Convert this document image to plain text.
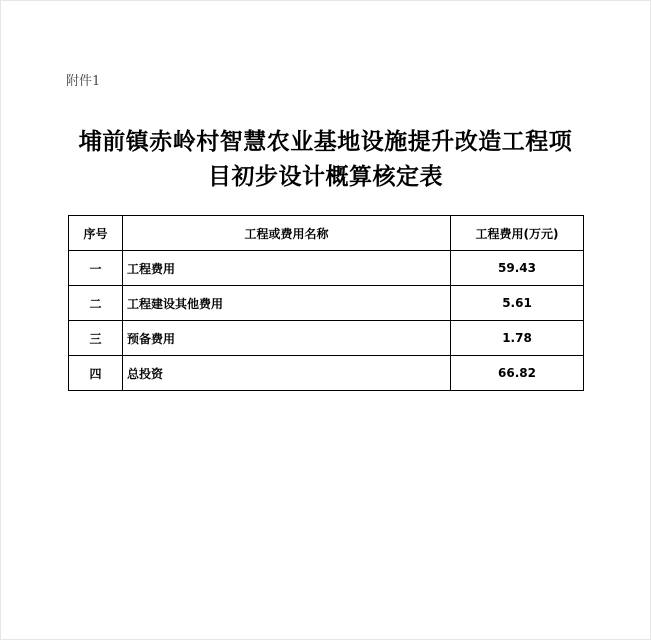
附件1
埔前镇赤岭村智慧农业基地设施提升改造工程项
目初步设计概算核定表
序号	工程或费用名称	工程费用(万元)
一	工程费用	59.43
二	工程建设其他费用	5.61
三	预备费用	1.78
四	总投资	66.82
